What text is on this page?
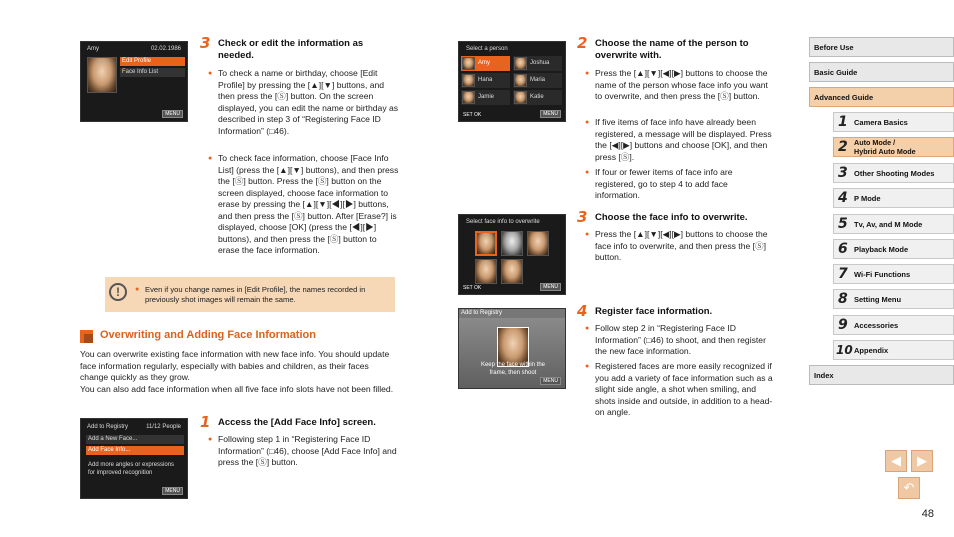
Amy	02.02.1986
Edit Profile
Face Info List
MENU
3 Check or edit the information as needed.
● To check a name or birthday, choose [Edit Profile] by pressing the [▲][▼] buttons, and then press the [Ⓢ] button. On the screen displayed, you can edit the name or birthday as described in step 3 of “Registering Face ID Information” (□46).
● To check face information, choose [Face Info List] (press the [▲][▼] buttons), and then press the [Ⓢ] button. Press the [Ⓢ] button on the screen displayed, choose face information to erase by pressing the [▲][▼][◀][▶] buttons, and then press the [Ⓢ] button. After [Erase?] is displayed, choose [OK] (press the [◀][▶] buttons), and then press the [Ⓢ] button to erase the face information.
!	● Even if you change names in [Edit Profile], the names recorded in previously shot images will remain the same.
Overwriting and Adding Face Information
You can overwrite existing face information with new face info. You should update face information regularly, especially with babies and children, as their faces change quickly as they grow.
You can also add face information when all five face info slots have not been filled.
Add to Registry	11/12 People
Add a New Face...
Add Face Info...
Add more angles or expressions for improved recognition
MENU
1 Access the [Add Face Info] screen.
● Following step 1 in “Registering Face ID Information” (□46), choose [Add Face Info] and press the [Ⓢ] button.
Select a person
Amy	Joshua
Hana	Maria
Jamie	Katie
SET OK	MENU
2 Choose the name of the person to overwrite with.
● Press the [▲][▼][◀][▶] buttons to choose the name of the person whose face info you want to overwrite, and then press the [Ⓢ] button.
● If five items of face info have already been registered, a message will be displayed. Press the [◀][▶] buttons and choose [OK], and then press [Ⓢ].
● If four or fewer items of face info are registered, go to step 4 to add face information.
Select face info to overwrite
SET OK	MENU
3 Choose the face info to overwrite.
● Press the [▲][▼][◀][▶] buttons to choose the face info to overwrite, and then press the [Ⓢ] button.
Add to Registry
Keep the face within the frame, then shoot
MENU
4 Register face information.
● Follow step 2 in “Registering Face ID Information” (□46) to shoot, and then register the new face information.
● Registered faces are more easily recognized if you add a variety of face information such as a slight side angle, a shot when smiling, and shots inside and outside, in addition to a head-on angle.
Before Use
Basic Guide
Advanced Guide
1 Camera Basics
2 Auto Mode /
Hybrid Auto Mode
3 Other Shooting Modes
4 P Mode
5 Tv, Av, and M Mode
6 Playback Mode
7 Wi-Fi Functions
8 Setting Menu
9 Accessories
10 Appendix
Index
◀	▶
↶
48
